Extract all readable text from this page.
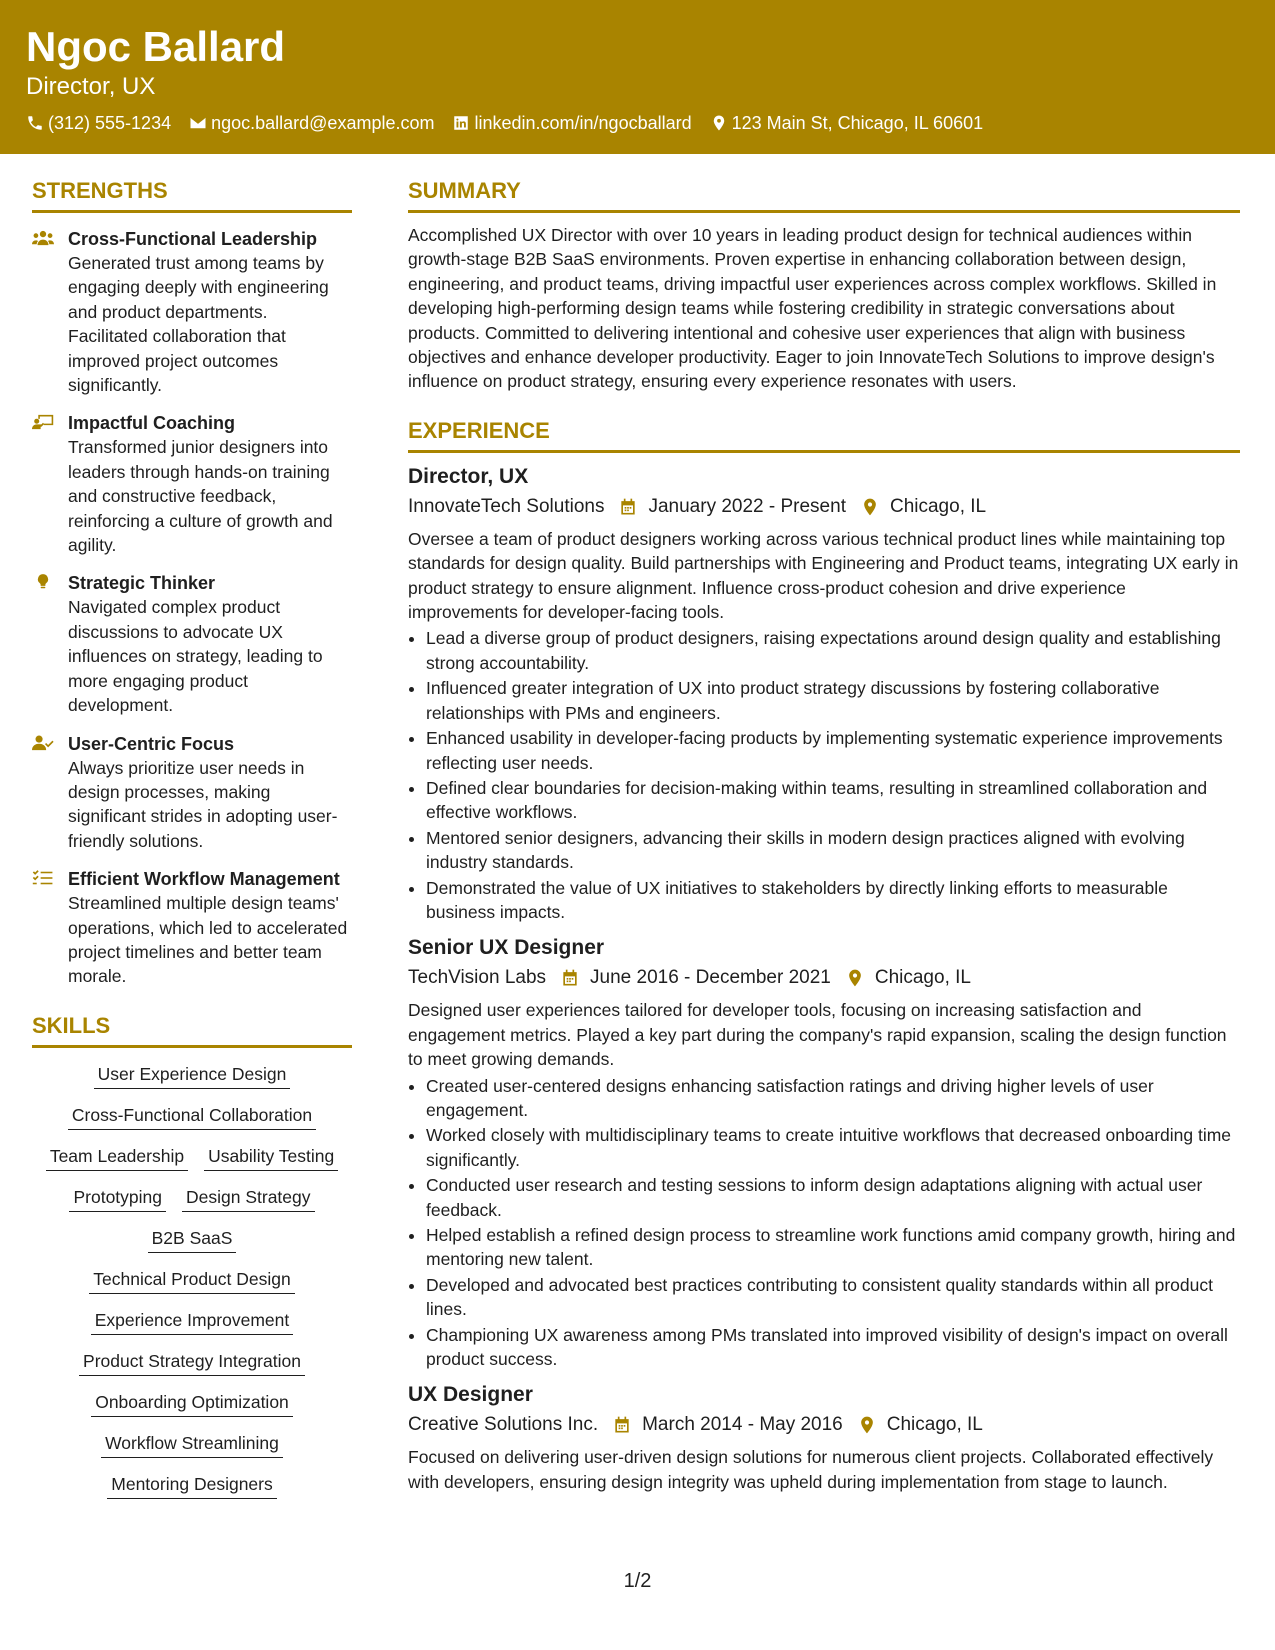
Ngoc Ballard
Director, UX
(312) 555-1234 ngoc.ballard@example.com linkedin.com/in/ngocballard 123 Main St, Chicago, IL 60601
STRENGTHS
Cross-Functional Leadership
Generated trust among teams by engaging deeply with engineering and product departments. Facilitated collaboration that improved project outcomes significantly.
Impactful Coaching
Transformed junior designers into leaders through hands-on training and constructive feedback, reinforcing a culture of growth and agility.
Strategic Thinker
Navigated complex product discussions to advocate UX influences on strategy, leading to more engaging product development.
User-Centric Focus
Always prioritize user needs in design processes, making significant strides in adopting user-friendly solutions.
Efficient Workflow Management
Streamlined multiple design teams' operations, which led to accelerated project timelines and better team morale.
SKILLS
User Experience Design
Cross-Functional Collaboration
Team Leadership Usability Testing
Prototyping Design Strategy
B2B SaaS
Technical Product Design
Experience Improvement
Product Strategy Integration
Onboarding Optimization
Workflow Streamlining
Mentoring Designers
SUMMARY
Accomplished UX Director with over 10 years in leading product design for technical audiences within growth-stage B2B SaaS environments. Proven expertise in enhancing collaboration between design, engineering, and product teams, driving impactful user experiences across complex workflows. Skilled in developing high-performing design teams while fostering credibility in strategic conversations about products. Committed to delivering intentional and cohesive user experiences that align with business objectives and enhance developer productivity. Eager to join InnovateTech Solutions to improve design's influence on product strategy, ensuring every experience resonates with users.
EXPERIENCE
Director, UX
InnovateTech Solutions January 2022 - Present Chicago, IL
Oversee a team of product designers working across various technical product lines while maintaining top standards for design quality. Build partnerships with Engineering and Product teams, integrating UX early in product strategy to ensure alignment. Influence cross-product cohesion and drive experience improvements for developer-facing tools.
• Lead a diverse group of product designers, raising expectations around design quality and establishing strong accountability.
• Influenced greater integration of UX into product strategy discussions by fostering collaborative relationships with PMs and engineers.
• Enhanced usability in developer-facing products by implementing systematic experience improvements reflecting user needs.
• Defined clear boundaries for decision-making within teams, resulting in streamlined collaboration and effective workflows.
• Mentored senior designers, advancing their skills in modern design practices aligned with evolving industry standards.
• Demonstrated the value of UX initiatives to stakeholders by directly linking efforts to measurable business impacts.
Senior UX Designer
TechVision Labs June 2016 - December 2021 Chicago, IL
Designed user experiences tailored for developer tools, focusing on increasing satisfaction and engagement metrics. Played a key part during the company's rapid expansion, scaling the design function to meet growing demands.
• Created user-centered designs enhancing satisfaction ratings and driving higher levels of user engagement.
• Worked closely with multidisciplinary teams to create intuitive workflows that decreased onboarding time significantly.
• Conducted user research and testing sessions to inform design adaptations aligning with actual user feedback.
• Helped establish a refined design process to streamline work functions amid company growth, hiring and mentoring new talent.
• Developed and advocated best practices contributing to consistent quality standards within all product lines.
• Championing UX awareness among PMs translated into improved visibility of design's impact on overall product success.
UX Designer
Creative Solutions Inc. March 2014 - May 2016 Chicago, IL
Focused on delivering user-driven design solutions for numerous client projects. Collaborated effectively with developers, ensuring design integrity was upheld during implementation from stage to launch.
1/2
